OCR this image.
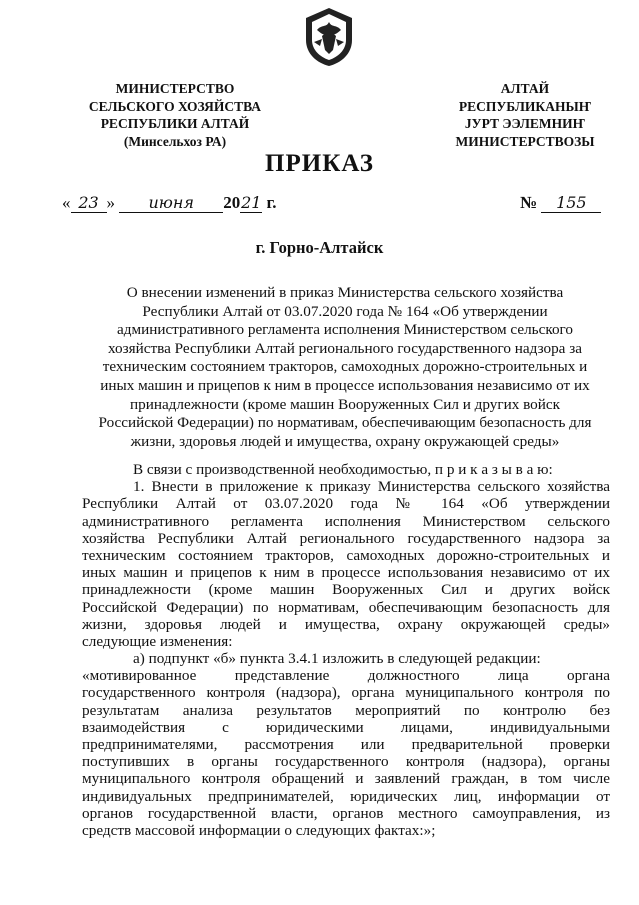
МИНИСТЕРСТВО
СЕЛЬСКОГО ХОЗЯЙСТВА
РЕСПУБЛИКИ АЛТАЙ
(Минсельхоз РА)
АЛТАЙ
РЕСПУБЛИКАНЫҤ
ЈУРТ ЭЭЛЕМНИҤ
МИНИСТЕРСТВОЗЫ
ПРИКАЗ
« 23 » июня 2021 г.	№ 155
г. Горно-Алтайск
О внесении изменений в приказ Министерства сельского хозяйства
Республики Алтай от 03.07.2020 года № 164 «Об утверждении
административного регламента исполнения Министерством сельского
хозяйства Республики Алтай регионального государственного надзора за
техническим состоянием тракторов, самоходных дорожно-строительных и
иных машин и прицепов к ним в процессе использования независимо от их
принадлежности (кроме машин Вооруженных Сил и других войск
Российской Федерации) по нормативам, обеспечивающим безопасность для
жизни, здоровья людей и имущества, охрану окружающей среды»
В связи с производственной необходимостью, п р и к а з ы в а ю:
1. Внести в приложение к приказу Министерства сельского хозяйства
Республики Алтай от 03.07.2020 года № 164 «Об утверждении
административного регламента исполнения Министерством сельского
хозяйства Республики Алтай регионального государственного надзора за
техническим состоянием тракторов, самоходных дорожно-строительных и
иных машин и прицепов к ним в процессе использования независимо от их
принадлежности (кроме машин Вооруженных Сил и других войск
Российской Федерации) по нормативам, обеспечивающим безопасность для
жизни, здоровья людей и имущества, охрану окружающей среды»
следующие изменения:
а) подпункт «б» пункта 3.4.1 изложить в следующей редакции:
«мотивированное представление должностного лица органа
государственного контроля (надзора), органа муниципального контроля по
результатам анализа результатов мероприятий по контролю без
взаимодействия с юридическими лицами, индивидуальными
предпринимателями, рассмотрения или предварительной проверки
поступивших в органы государственного контроля (надзора), органы
муниципального контроля обращений и заявлений граждан, в том числе
индивидуальных предпринимателей, юридических лиц, информации от
органов государственной власти, органов местного самоуправления, из
средств массовой информации о следующих фактах:»;
